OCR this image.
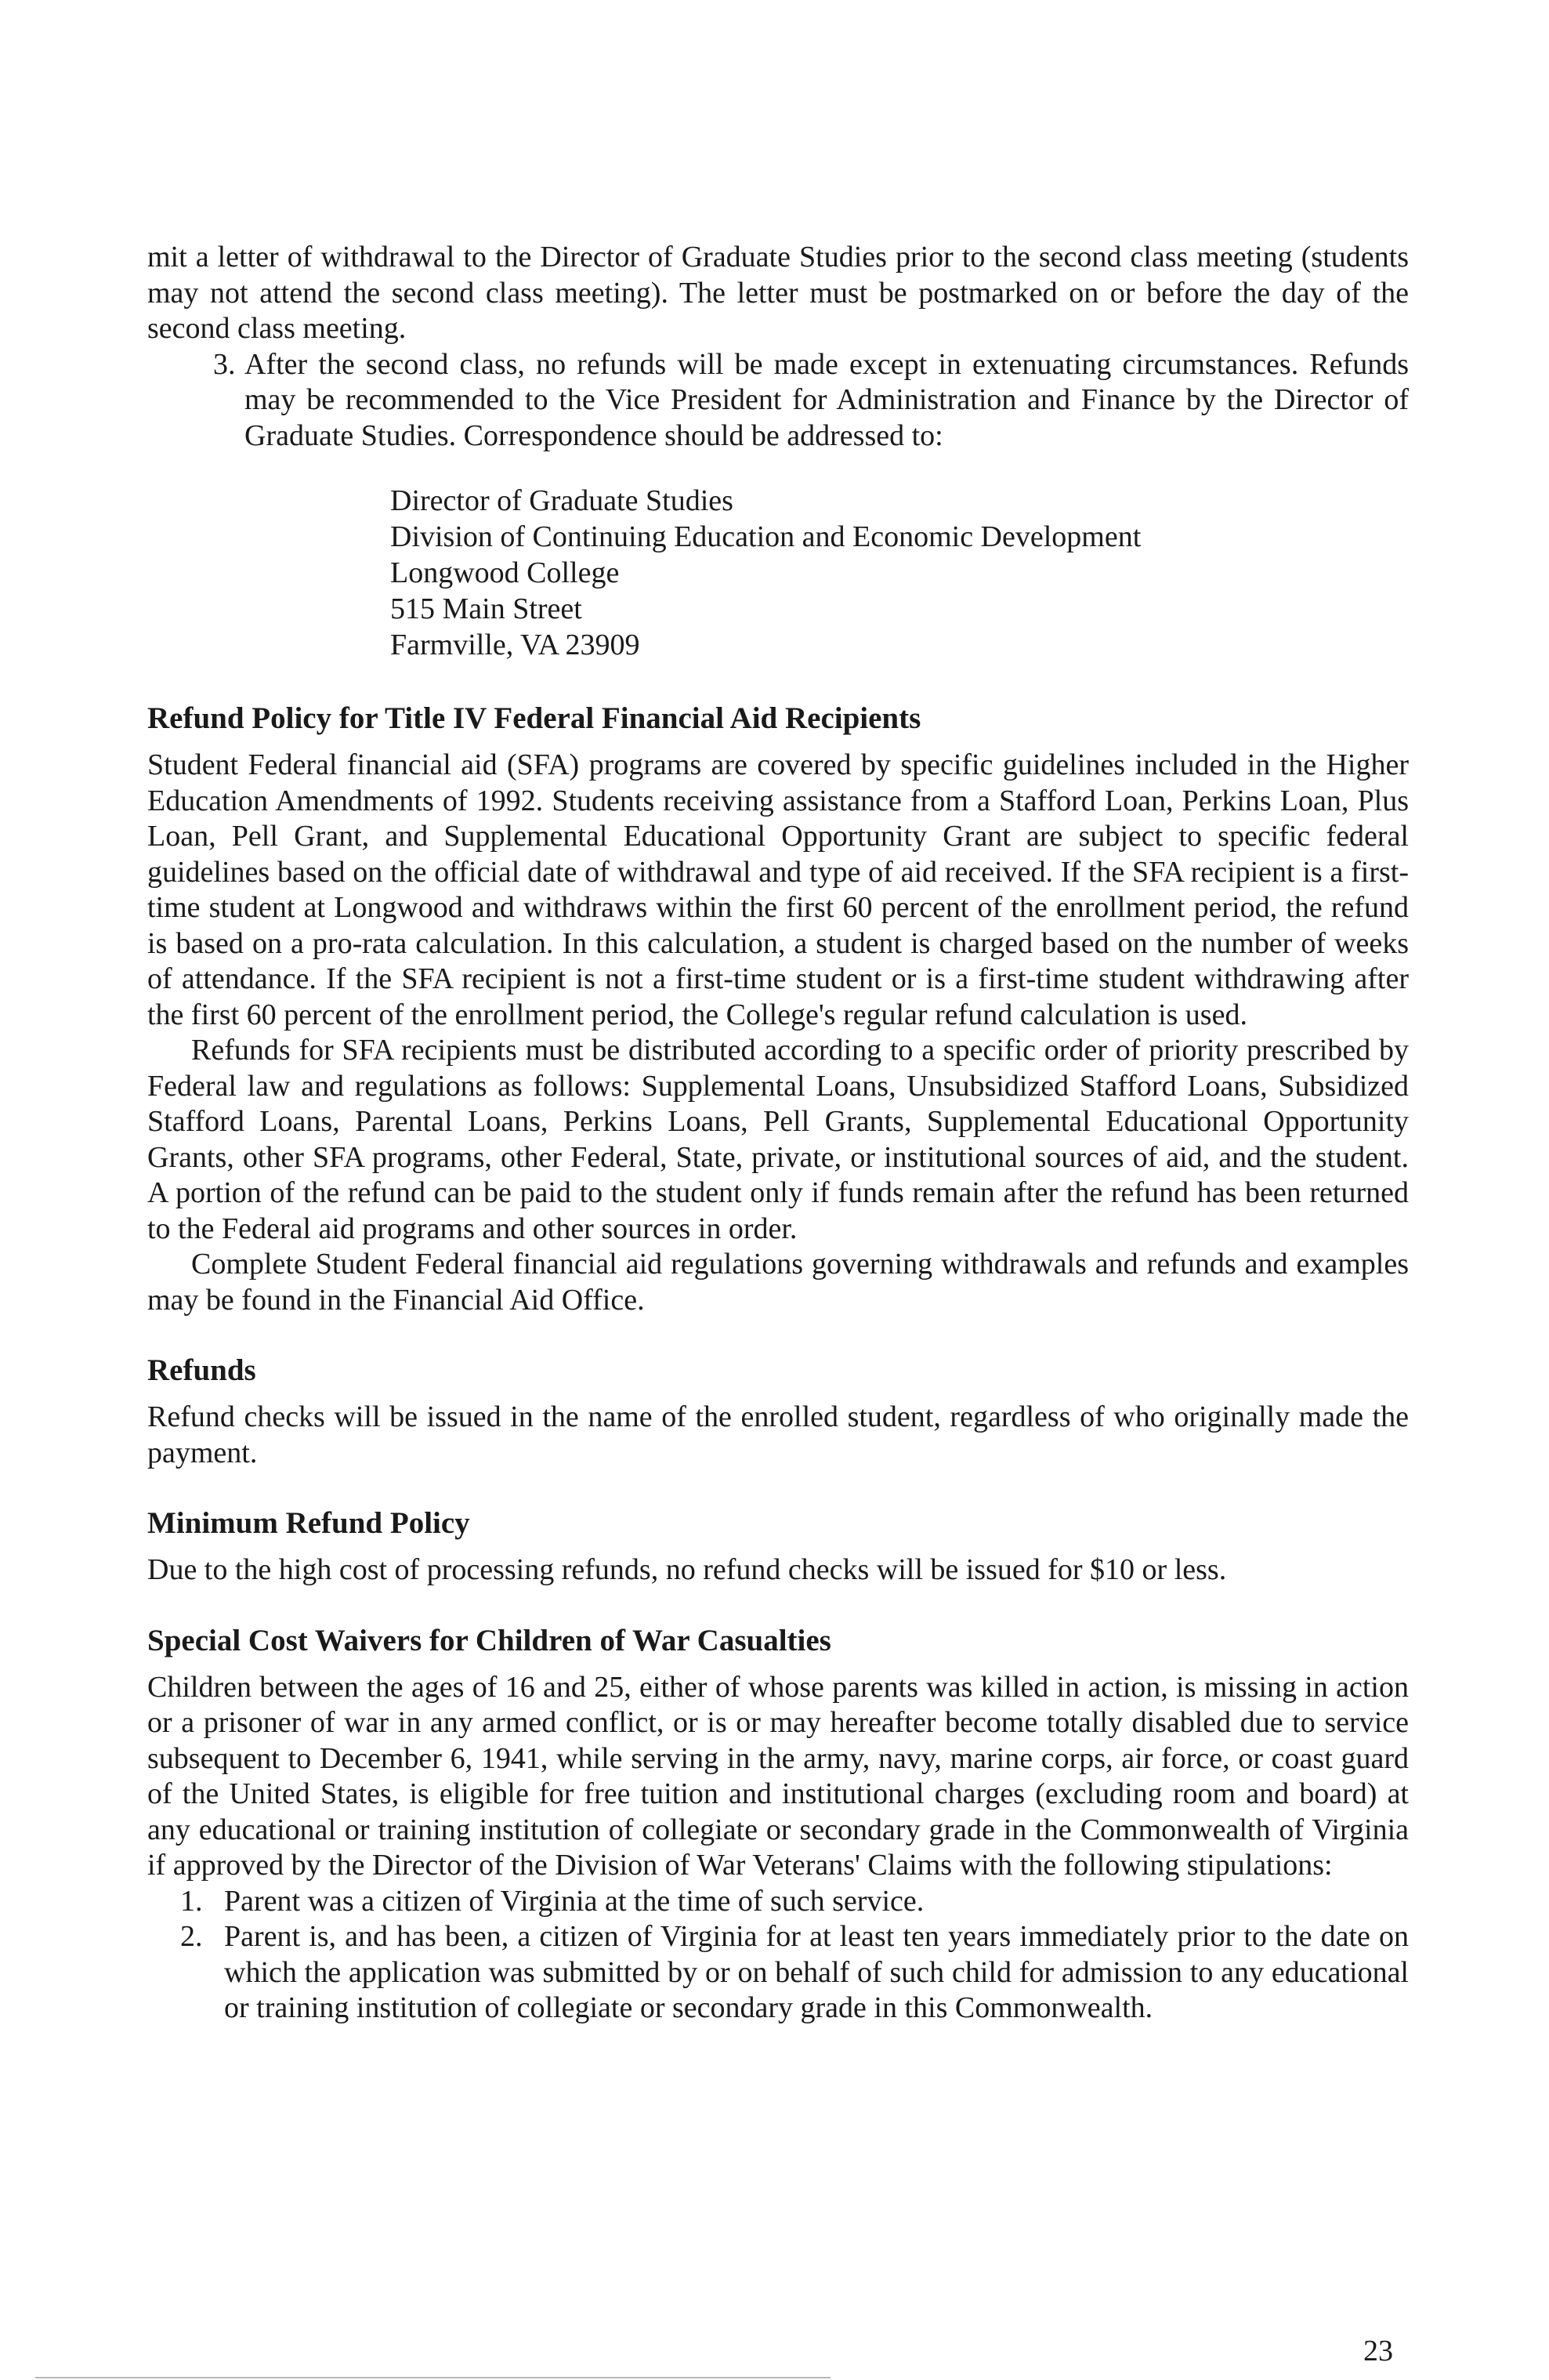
mit a letter of withdrawal to the Director of Graduate Studies prior to the second class meeting (students may not attend the second class meeting). The letter must be postmarked on or before the day of the second class meeting.

3. After the second class, no refunds will be made except in extenuating circumstances. Refunds may be recommended to the Vice President for Administration and Finance by the Director of Graduate Studies. Correspondence should be addressed to:
Director of Graduate Studies
Division of Continuing Education and Economic Development
Longwood College
515 Main Street
Farmville, VA 23909
Refund Policy for Title IV Federal Financial Aid Recipients

Student Federal financial aid (SFA) programs are covered by specific guidelines included in the Higher Education Amendments of 1992. Students receiving assistance from a Stafford Loan, Perkins Loan, Plus Loan, Pell Grant, and Supplemental Educational Opportunity Grant are subject to specific federal guidelines based on the official date of withdrawal and type of aid received. If the SFA recipient is a first-time student at Longwood and withdraws within the first 60 percent of the enrollment period, the refund is based on a pro-rata calculation. In this calculation, a student is charged based on the number of weeks of attendance. If the SFA recipient is not a first-time student or is a first-time student withdrawing after the first 60 percent of the enrollment period, the College's regular refund calculation is used.

Refunds for SFA recipients must be distributed according to a specific order of priority prescribed by Federal law and regulations as follows: Supplemental Loans, Unsubsidized Stafford Loans, Subsidized Stafford Loans, Parental Loans, Perkins Loans, Pell Grants, Supplemental Educational Opportunity Grants, other SFA programs, other Federal, State, private, or institutional sources of aid, and the student. A portion of the refund can be paid to the student only if funds remain after the refund has been returned to the Federal aid programs and other sources in order.

Complete Student Federal financial aid regulations governing withdrawals and refunds and examples may be found in the Financial Aid Office.

Refunds

Refund checks will be issued in the name of the enrolled student, regardless of who originally made the payment.

Minimum Refund Policy

Due to the high cost of processing refunds, no refund checks will be issued for $10 or less.

Special Cost Waivers for Children of War Casualties

Children between the ages of 16 and 25, either of whose parents was killed in action, is missing in action or a prisoner of war in any armed conflict, or is or may hereafter become totally disabled due to service subsequent to December 6, 1941, while serving in the army, navy, marine corps, air force, or coast guard of the United States, is eligible for free tuition and institutional charges (excluding room and board) at any educational or training institution of collegiate or secondary grade in the Commonwealth of Virginia if approved by the Director of the Division of War Veterans' Claims with the following stipulations:

1. Parent was a citizen of Virginia at the time of such service.
2. Parent is, and has been, a citizen of Virginia for at least ten years immediately prior to the date on which the application was submitted by or on behalf of such child for admission to any educational or training institution of collegiate or secondary grade in this Commonwealth.
23
